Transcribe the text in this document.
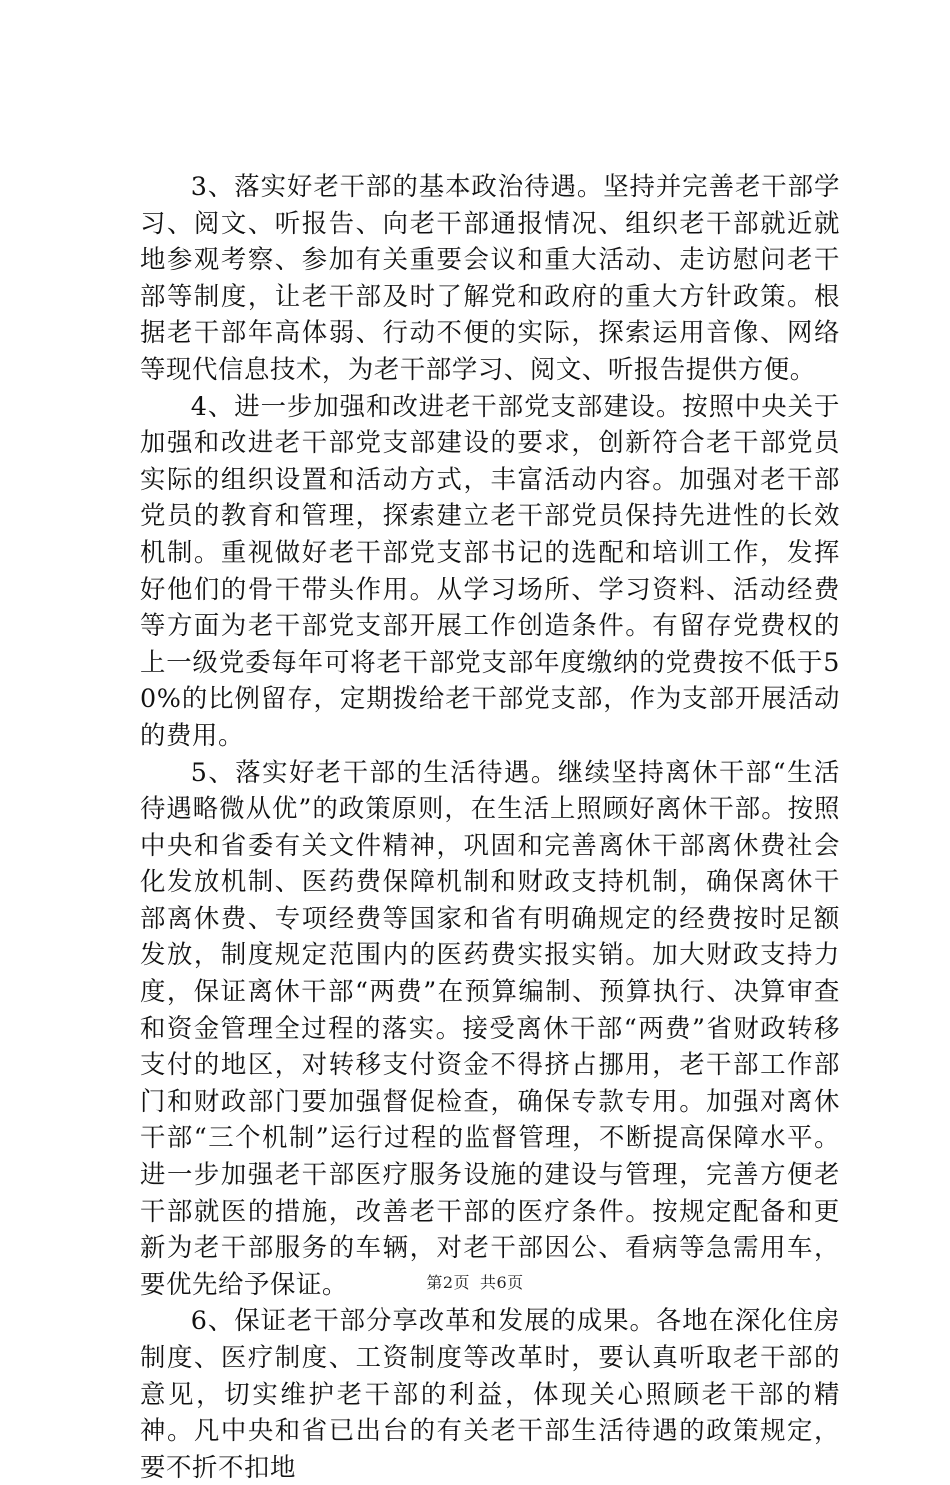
3、落实好老干部的基本政治待遇。坚持并完善老干部学习、阅文、听报告、向老干部通报情况、组织老干部就近就地参观考察、参加有关重要会议和重大活动、走访慰问老干部等制度，让老干部及时了解党和政府的重大方针政策。根据老干部年高体弱、行动不便的实际，探索运用音像、网络等现代信息技术，为老干部学习、阅文、听报告提供方便。

4、进一步加强和改进老干部党支部建设。按照中央关于加强和改进老干部党支部建设的要求，创新符合老干部党员实际的组织设置和活动方式，丰富活动内容。加强对老干部党员的教育和管理，探索建立老干部党员保持先进性的长效机制。重视做好老干部党支部书记的选配和培训工作，发挥好他们的骨干带头作用。从学习场所、学习资料、活动经费等方面为老干部党支部开展工作创造条件。有留存党费权的上一级党委每年可将老干部党支部年度缴纳的党费按不低于50%的比例留存，定期拨给老干部党支部，作为支部开展活动的费用。

5、落实好老干部的生活待遇。继续坚持离休干部“生活待遇略微从优”的政策原则，在生活上照顾好离休干部。按照中央和省委有关文件精神，巩固和完善离休干部离休费社会化发放机制、医药费保障机制和财政支持机制，确保离休干部离休费、专项经费等国家和省有明确规定的经费按时足额发放，制度规定范围内的医药费实报实销。加大财政支持力度，保证离休干部“两费”在预算编制、预算执行、决算审查和资金管理全过程的落实。接受离休干部“两费”省财政转移支付的地区，对转移支付资金不得挤占挪用，老干部工作部门和财政部门要加强督促检查，确保专款专用。加强对离休干部“三个机制”运行过程的监督管理，不断提高保障水平。进一步加强老干部医疗服务设施的建设与管理，完善方便老干部就医的措施，改善老干部的医疗条件。按规定配备和更新为老干部服务的车辆，对老干部因公、看病等急需用车，要优先给予保证。

6、保证老干部分享改革和发展的成果。各地在深化住房制度、医疗制度、工资制度等改革时，要认真听取老干部的意见，切实维护老干部的利益，体现关心照顾老干部的精神。凡中央和省已出台的有关老干部生活待遇的政策规定，要不折不扣地

第2页 共6页
